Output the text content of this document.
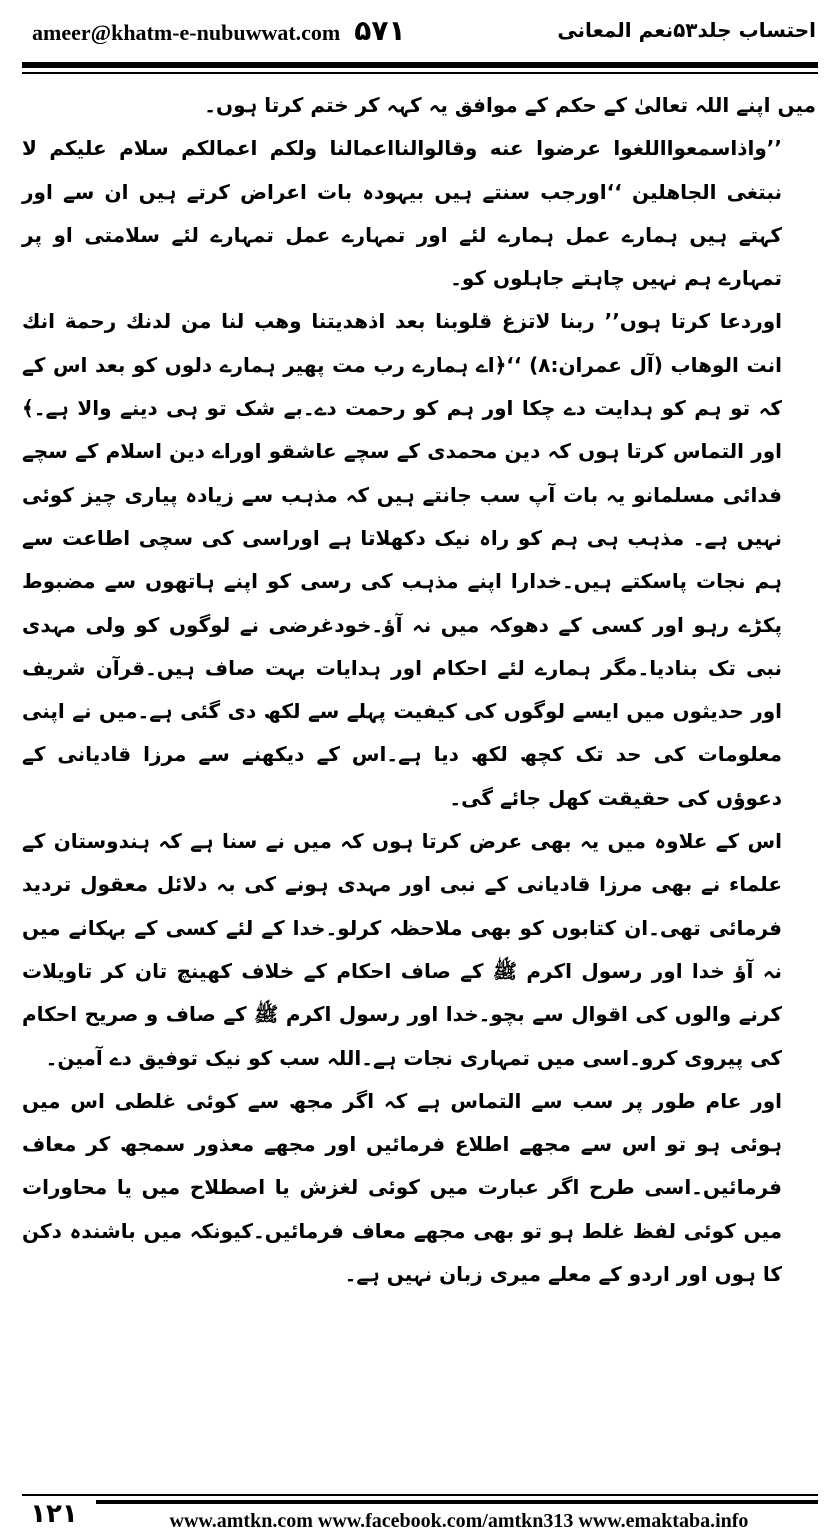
ameer@khatm-e-nubuwwat.com ۵۷۱	احتساب جلد۵۳نعم المعانی

میں اپنے اللہ تعالیٰ کے حکم کے موافق یہ کہہ کر ختم کرتا ہوں۔

’’واذاسمعوااللغوا عرضوا عنه وقالوالنااعمالنا ولكم اعمالكم سلام عليكم لا نبتغی الجاهلين ‘‘اورجب سنتے ہیں بیہودہ بات اعراض کرتے ہیں ان سے اور کہتے ہیں ہمارے عمل ہمارے لئے اور تمہارے عمل تمہارے لئے سلامتی او پر تمہارے ہم نہیں چاہتے جاہلوں کو۔

اوردعا کرتا ہوں’’ ربنا لاتزغ قلوبنا بعد اذهديتنا وهب لنا من لدنك رحمة انك انت الوهاب (آل عمران:۸) ‘‘﴿اے ہمارے رب مت پھیر ہمارے دلوں کو بعد اس کے کہ تو ہم کو ہدایت دے چکا اور ہم کو رحمت دے۔بے شک تو ہی دینے والا ہے۔﴾اور التماس کرتا ہوں کہ دین محمدی کے سچے عاشقو اوراے دین اسلام کے سچے فدائی مسلمانو یہ بات آپ سب جانتے ہیں کہ مذہب سے زیادہ پیاری چیز کوئی نہیں ہے۔ مذہب ہی ہم کو راہ نیک دکھلاتا ہے اوراسی کی سچی اطاعت سے ہم نجات پاسکتے ہیں۔خدارا اپنے مذہب کی رسی کو اپنے ہاتھوں سے مضبوط پکڑے رہو اور کسی کے دھوکہ میں نہ آؤ۔خودغرضی نے لوگوں کو ولی مہدی نبی تک بنادیا۔مگر ہمارے لئے احکام اور ہدایات بہت صاف ہیں۔قرآن شریف اور حدیثوں میں ایسے لوگوں کی کیفیت پہلے سے لکھ دی گئی ہے۔میں نے اپنی معلومات کی حد تک کچھ لکھ دیا ہے۔اس کے دیکھنے سے مرزا قادیانی کے دعوؤں کی حقیقت کھل جائے گی۔

اس کے علاوہ میں یہ بھی عرض کرتا ہوں کہ میں نے سنا ہے کہ ہندوستان کے علماء نے بھی مرزا قادیانی کے نبی اور مہدی ہونے کی بہ دلائل معقول تردید فرمائی تھی۔ان کتابوں کو بھی ملاحظہ کرلو۔خدا کے لئے کسی کے بہکانے میں نہ آؤ خدا اور رسول اکرم ﷺ کے صاف احکام کے خلاف کھینچ تان کر تاویلات کرنے والوں کی اقوال سے بچو۔خدا اور رسول اکرم ﷺ کے صاف و صریح احکام کی پیروی کرو۔اسی میں تمہاری نجات ہے۔اللہ سب کو نیک توفیق دے آمین۔

اور عام طور پر سب سے التماس ہے کہ اگر مجھ سے کوئی غلطی اس میں ہوئی ہو تو اس سے مجھے اطلاع فرمائیں اور مجھے معذور سمجھ کر معاف فرمائیں۔اسی طرح اگر عبارت میں کوئی لغزش یا اصطلاح میں یا محاورات میں کوئی لفظ غلط ہو تو بھی مجھے معاف فرمائیں۔کیونکہ میں باشندہ دکن کا ہوں اور اردو کے معلے میری زبان نہیں ہے۔

۱۲۱	www.amtkn.com www.facebook.com/amtkn313 www.emaktaba.info
